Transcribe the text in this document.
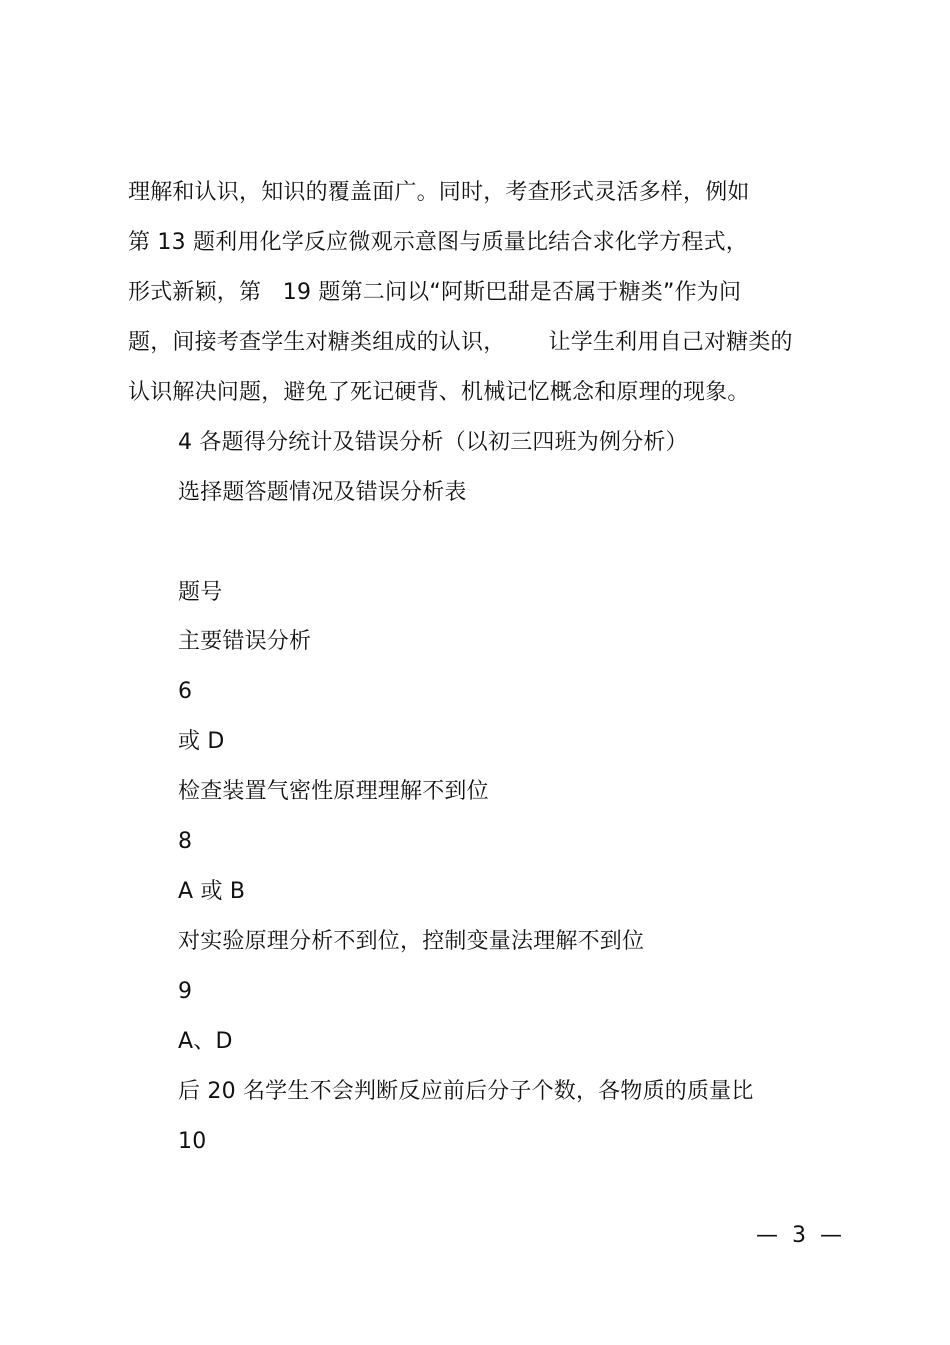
理解和认识，知识的覆盖面广。同时，考查形式灵活多样，例如
第 13 题利用化学反应微观示意图与质量比结合求化学方程式，
形式新颖，第   19 题第二问以“阿斯巴甜是否属于糖类”作为问
题，间接考查学生对糖类组成的认识，      让学生利用自己对糖类的
认识解决问题，避免了死记硬背、机械记忆概念和原理的现象。
4 各题得分统计及错误分析（以初三四班为例分析）
选择题答题情况及错误分析表
题号
主要错误分析
6
或 D
检查装置气密性原理理解不到位
8
A 或 B
对实验原理分析不到位，控制变量法理解不到位
9
A、D
后 20 名学生不会判断反应前后分子个数，各物质的质量比
10
—  3  —
